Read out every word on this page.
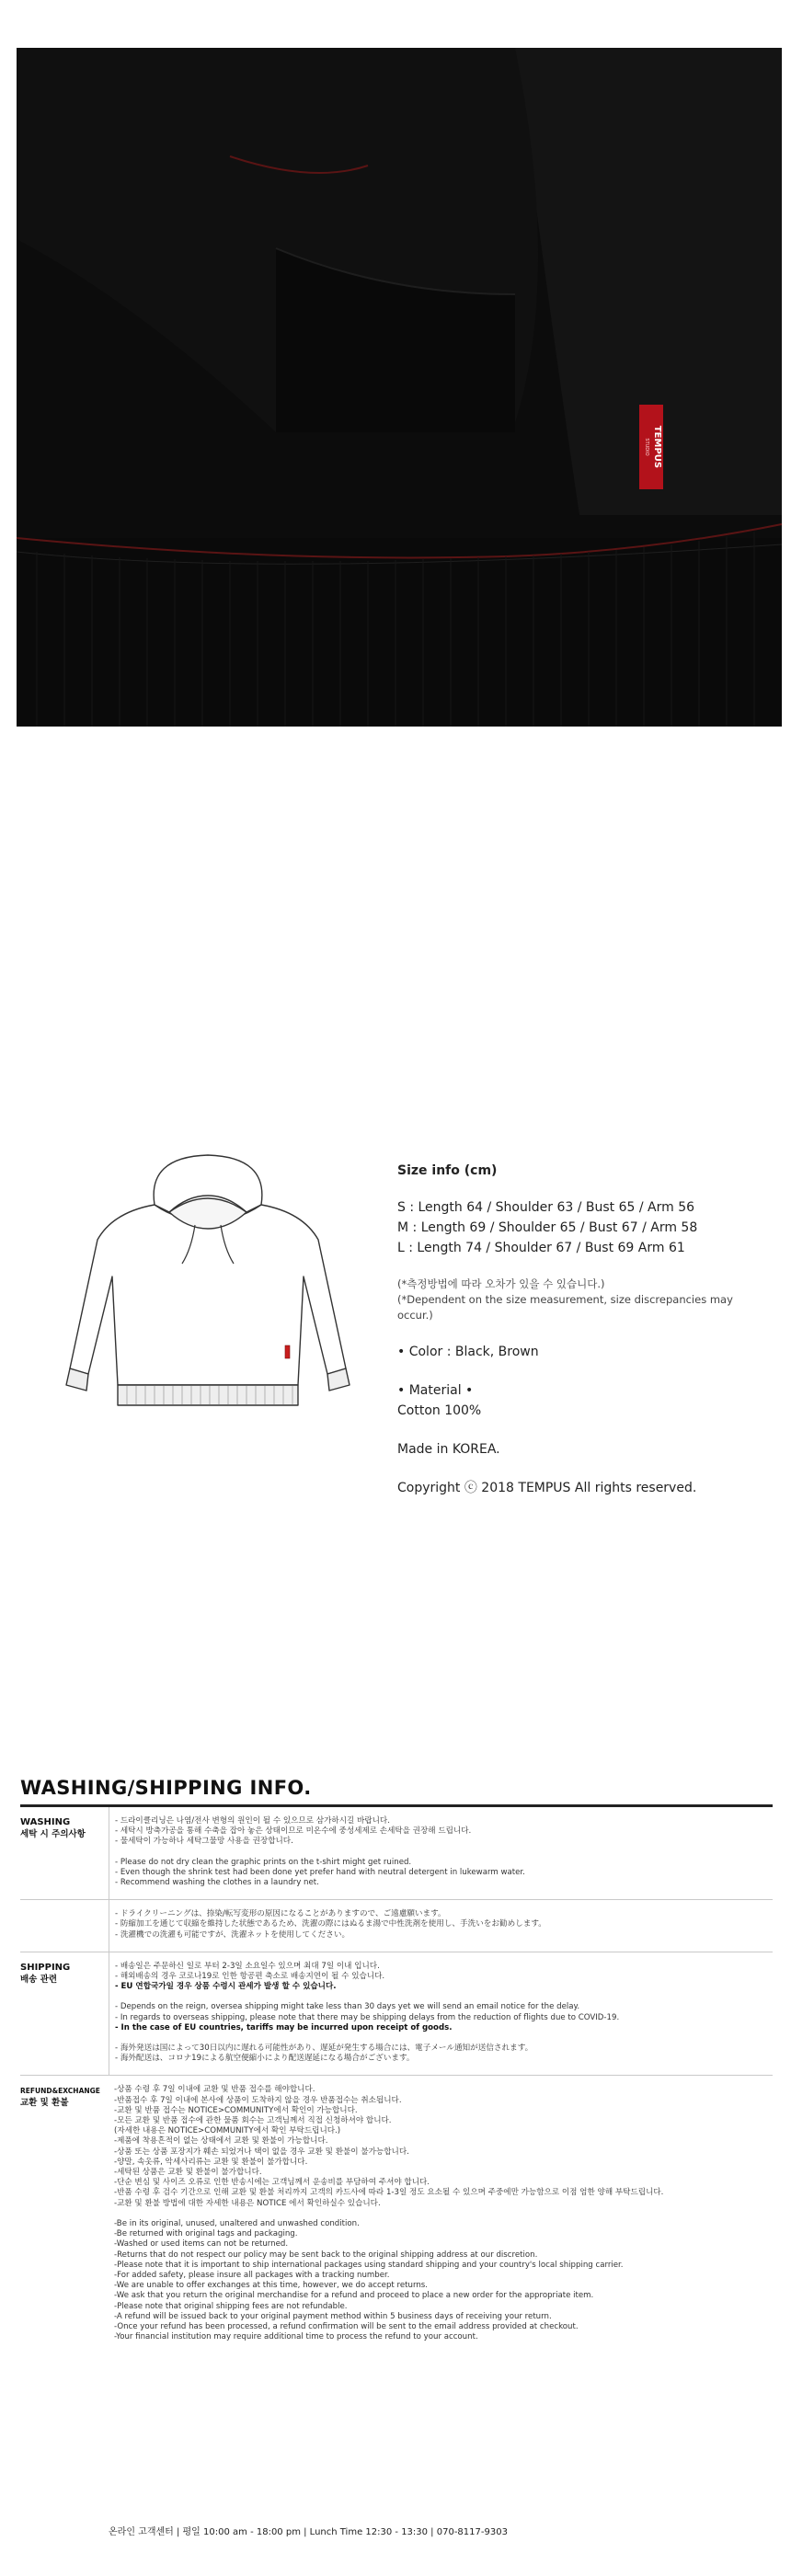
TEMPUS
STUDIO
Size info (cm)
S : Length 64 / Shoulder 63 / Bust 65 / Arm 56
M : Length 69 / Shoulder 65 / Bust 67 / Arm 58
L : Length 74 / Shoulder 67 / Bust 69 Arm 61
(*측정방법에 따라 오차가 있을 수 있습니다.)
(*Dependent on the size measurement, size discrepancies may occur.)
• Color : Black, Brown
• Material •
Cotton 100%
Made in KOREA.
Copyright ⓒ 2018 TEMPUS All rights reserved.
WASHING/SHIPPING INFO.
WASHING
세탁 시 주의사항
- 드라이클리닝은 나염/전사 변형의 원인이 될 수 있으므로 삼가하시길 바랍니다.
- 세탁시 방축가공을 통해 수축을 잡아 놓은 상태이므로 미온수에 중성세제로 손세탁을 권장해 드립니다.
- 물세탁이 가능하나 세탁그물망 사용을 권장합니다.
- Please do not dry clean the graphic prints on the t-shirt might get ruined.
- Even though the shrink test had been done yet prefer hand with neutral detergent in lukewarm water.
- Recommend washing the clothes in a laundry net.
- ドライクリーニングは、捺染/転写変形の原因になることがありますので、ご遠慮願います。
- 防縮加工を通じて収縮を維持した状態であるため、洗濯の際にはぬるま湯で中性洗剤を使用し、手洗いをお勧めします。
- 洗濯機での洗濯も可能ですが、洗濯ネットを使用してください。
SHIPPING
배송 관련
- 배송일은 주문하신 일로 부터 2-3일 소요일수 있으며 최대 7일 이내 입니다.
- 해외배송의 경우 코로나19로 인한 항공편 축소로 배송지연이 될 수 있습니다.
- EU 연합국가일 경우 상품 수령시 관세가 발생 할 수 있습니다.
- Depends on the reign, oversea shipping might take less than 30 days yet we will send an email notice for the delay.
- In regards to overseas shipping, please note that there may be shipping delays from the reduction of flights due to COVID-19.
- In the case of EU countries, tariffs may be incurred upon receipt of goods.
- 海外発送は国によって30日以内に遅れる可能性があり、遅延が発生する場合には、電子メール通知が送信されます。
- 海外配送は、コロナ19による航空便縮小により配送遅延になる場合がございます。
REFUND&EXCHANGE
교환 및 환불
-상품 수령 후 7일 이내에 교환 및 반품 접수를 해야합니다.
-반품접수 후 7일 이내에 본사에 상품이 도착하지 않을 경우 반품접수는 취소됩니다.
-교환 및 반품 접수는 NOTICE>COMMUNITY에서 확인이 가능합니다.
-모든 교환 및 반품 접수에 관한 물품 회수는 고객님께서 직접 신청하셔야 합니다.
(자세한 내용은 NOTICE>COMMUNITY에서 확인 부탁드립니다.)
-제품에 착용흔적이 없는 상태에서 교환 및 환불이 가능합니다.
-상품 또는 상품 포장지가 훼손 되었거나 택이 없을 경우 교환 및 환불이 불가능합니다.
-양말, 속옷류, 악세사리류는 교환 및 환불이 불가합니다.
-세탁된 상품은 교환 및 환불이 불가합니다.
-단순 변심 및 사이즈 오류로 인한 반송시에는 고객님께서 운송비를 부담하여 주셔야 합니다.
-반품 수령 후 검수 기간으로 인해 교환 및 환불 처리까지 고객의 카드사에 따라 1-3일 정도 요소될 수 있으며 주중에만 가능함으로 이점 엄한 양해 부탁드립니다.
-교환 및 환불 방법에 대한 자세한 내용은 NOTICE 에서 확인하실수 있습니다.
-Be in its original, unused, unaltered and unwashed condition.
-Be returned with original tags and packaging.
-Washed or used items can not be returned.
-Returns that do not respect our policy may be sent back to the original shipping address at our discretion.
-Please note that it is important to ship international packages using standard shipping and your country's local shipping carrier.
-For added safety, please insure all packages with a tracking number.
-We are unable to offer exchanges at this time, however, we do accept returns.
-We ask that you return the original merchandise for a refund and proceed to place a new order for the appropriate item.
-Please note that original shipping fees are not refundable.
-A refund will be issued back to your original payment method within 5 business days of receiving your return.
-Once your refund has been processed, a refund confirmation will be sent to the email address provided at checkout.
-Your financial institution may require additional time to process the refund to your account.
온라인 고객센터 | 평일 10:00 am - 18:00 pm | Lunch Time 12:30 - 13:30 | 070-8117-9303
